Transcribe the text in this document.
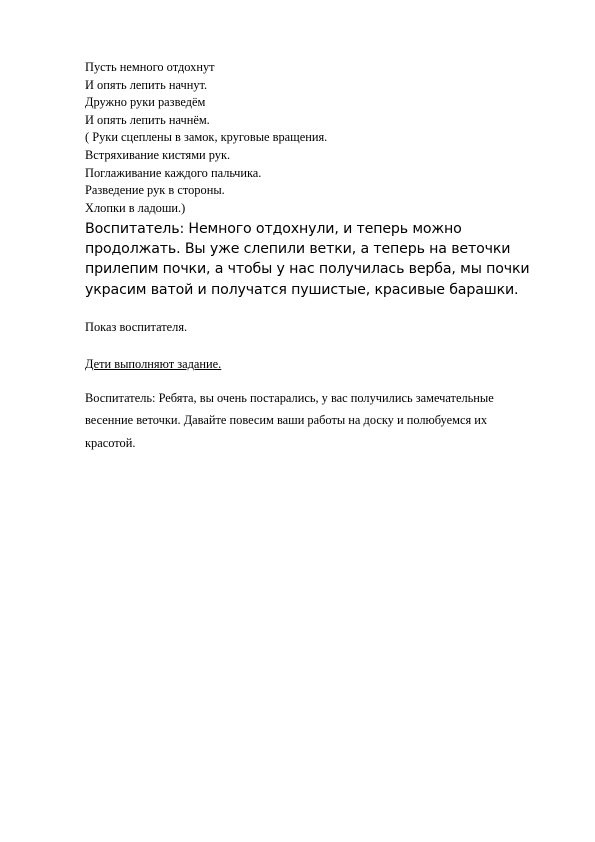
Пусть немного отдохнут
И опять лепить начнут.
Дружно руки разведём
И опять лепить начнём.
( Руки сцеплены в замок, круговые вращения.
Встряхивание кистями рук.
Поглаживание каждого пальчика.
Разведение рук в стороны.
Хлопки в ладоши.)
Воспитатель: Немного отдохнули, и теперь можно
продолжать. Вы уже слепили ветки, а теперь на веточки
прилепим почки, а чтобы у нас получилась верба, мы почки
украсим ватой и получатся пушистые, красивые барашки.
Показ воспитателя.
Дети выполняют задание.
Воспитатель: Ребята, вы очень постарались, у вас получились замечательные
весенние веточки. Давайте повесим ваши работы на доску и полюбуемся их
красотой.
